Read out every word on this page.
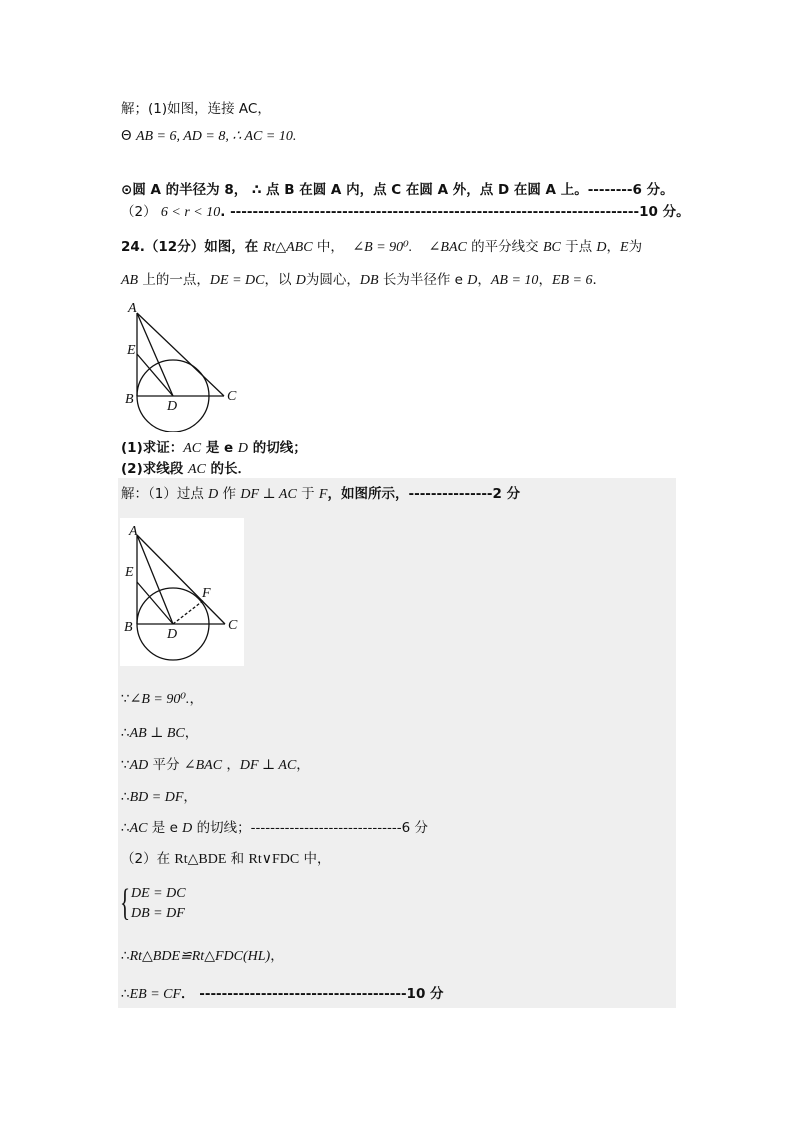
解；(1)如图，连接 AC，
Θ AB = 6, AD = 8, ∴ AC = 10.
⊙圆 A 的半径为 8， ∴ 点 B 在圆 A 内，点 C 在圆 A 外，点 D 在圆 A 上。--------6 分。
（2） 6 < r < 10. -------------------------------------------------------------------------10 分。
24.（12分）如图，在 Rt△ABC 中， ∠B = 90⁰.    ∠BAC 的平分线交 BC 于点 D，E为
AB 上的一点，DE = DC，以 D为圆心，DB 长为半径作 e D，AB = 10，EB = 6．
A
E
B D
C
(1)求证：AC 是 e D 的切线；
(2)求线段 AC 的长．
解：（1）过点 D 作 DF ⊥ AC 于 F，如图所示，---------------2 分
A
E
B D
C
F
∵∠B = 90⁰.，
∴AB ⊥ BC，
∵AD 平分 ∠BAC ，DF ⊥ AC，
∴BD = DF，
∴AC 是 e D 的切线；-------------------------------6 分
（2）在 Rt△BDE 和 Rt∨FDC 中，
{ DE = DC
DB = DF
∴Rt△BDE≌Rt△FDC(HL)，
∴EB = CF． -------------------------------------10 分
